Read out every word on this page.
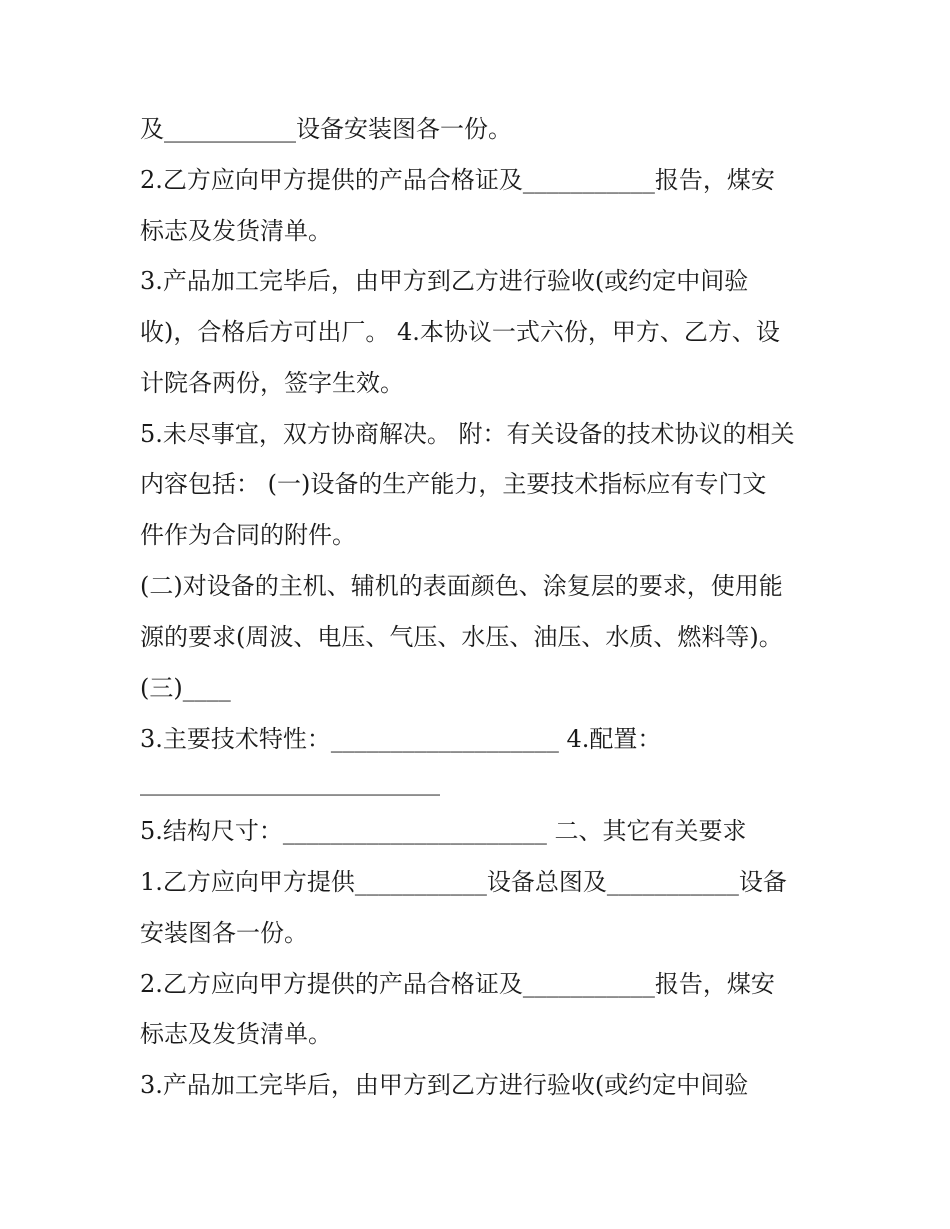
及___________设备安装图各一份。
2.乙方应向甲方提供的产品合格证及___________报告，煤安
标志及发货清单。
3.产品加工完毕后，由甲方到乙方进行验收(或约定中间验
收)，合格后方可出厂。 4.本协议一式六份，甲方、乙方、设
计院各两份，签字生效。
5.未尽事宜，双方协商解决。 附：有关设备的技术协议的相关
内容包括： (一)设备的生产能力，主要技术指标应有专门文
件作为合同的附件。
(二)对设备的主机、辅机的表面颜色、涂复层的要求，使用能
源的要求(周波、电压、气压、水压、油压、水质、燃料等)。
(三)____
3.主要技术特性：___________________ 4.配置：
_________________________
5.结构尺寸：______________________ 二、其它有关要求
1.乙方应向甲方提供___________设备总图及___________设备
安装图各一份。
2.乙方应向甲方提供的产品合格证及___________报告，煤安
标志及发货清单。
3.产品加工完毕后，由甲方到乙方进行验收(或约定中间验
